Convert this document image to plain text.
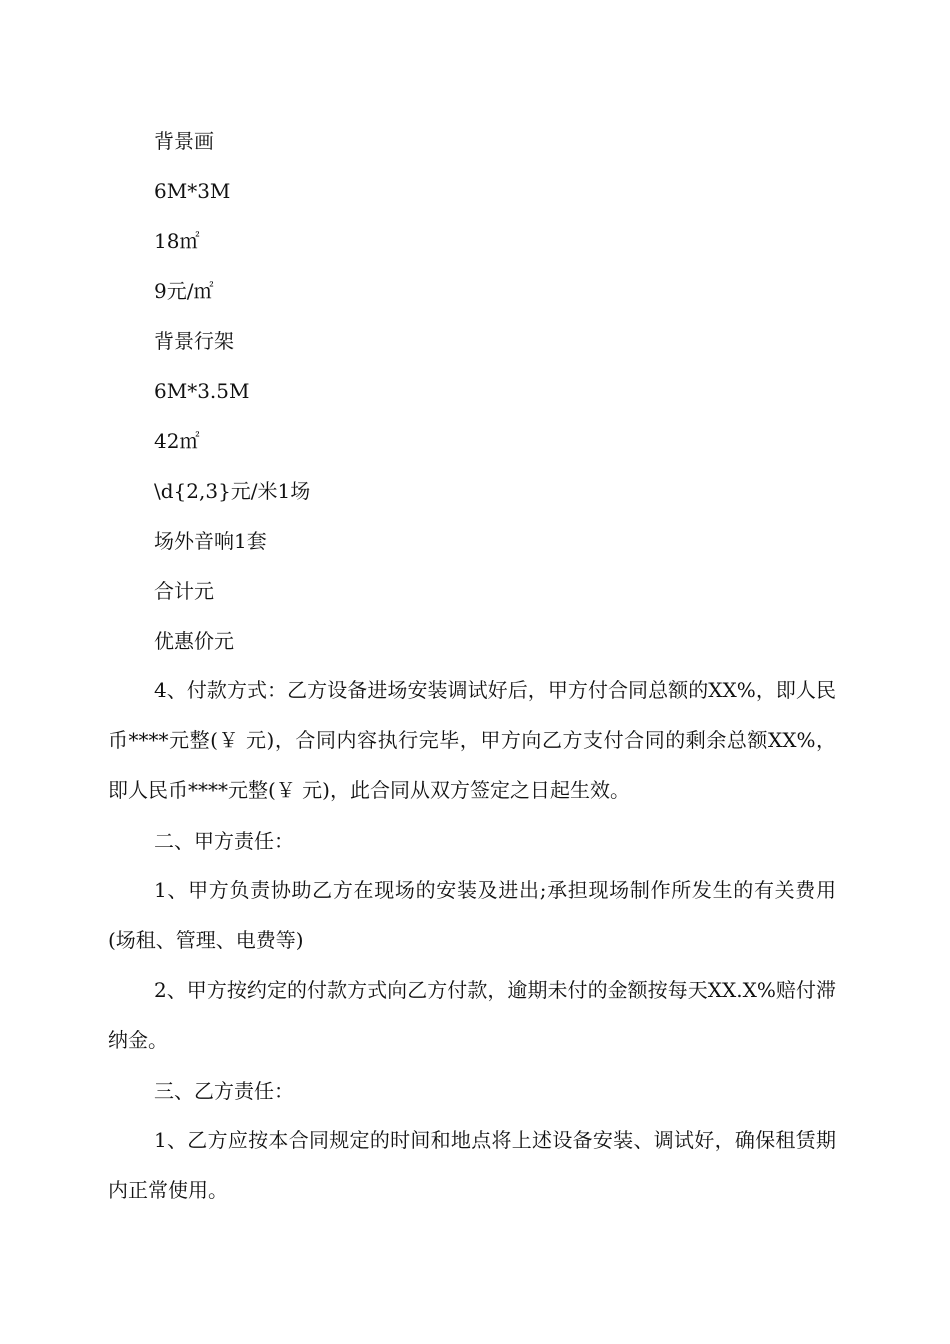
背景画
6M*3M
18㎡
9元/㎡
背景行架
6M*3.5M
42㎡
\d{2,3}元/米1场
场外音响1套
合计元
优惠价元
4、付款方式：乙方设备进场安装调试好后，甲方付合同总额的XX%，即人民币****元整(￥ 元)，合同内容执行完毕，甲方向乙方支付合同的剩余总额XX%，即人民币****元整(￥ 元)，此合同从双方签定之日起生效。
二、甲方责任：
1、甲方负责协助乙方在现场的安装及进出;承担现场制作所发生的有关费用(场租、管理、电费等)
2、甲方按约定的付款方式向乙方付款，逾期未付的金额按每天XX.X%赔付滞纳金。
三、乙方责任：
1、乙方应按本合同规定的时间和地点将上述设备安装、调试好，确保租赁期内正常使用。
